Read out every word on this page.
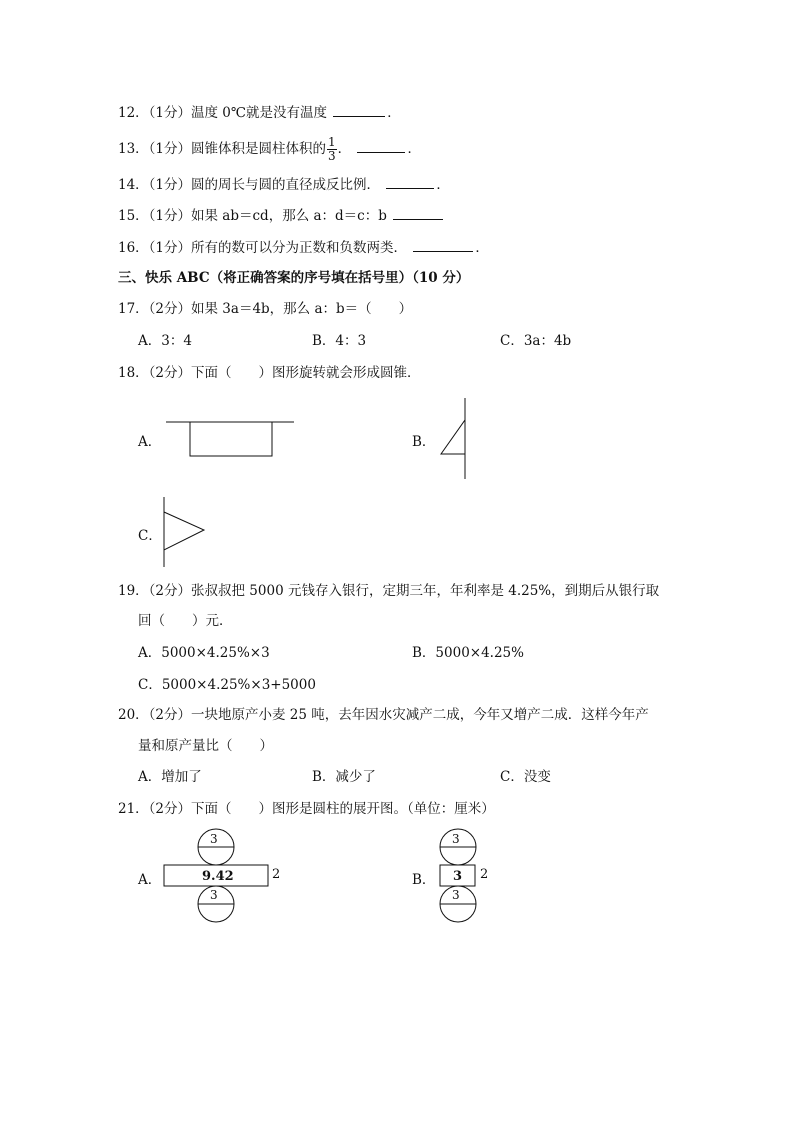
12．（1分）温度 0℃就是没有温度	．
13．（1分）圆锥体积是圆柱体积的 $\frac{1}{3}$ ．	．
14．（1分）圆的周长与圆的直径成反比例．	．
15．（1分）如果 ab＝cd，那么 a：d＝c：b
16．（1分）所有的数可以分为正数和负数两类．	．
三、快乐 ABC（将正确答案的序号填在括号里）（10 分）
17．（2分）如果 3a＝4b，那么 a：b＝（　　）
A．3：4	B．4：3	C．3a：4b
18．（2分）下面（　　）图形旋转就会形成圆锥．
A．	B．
C．
19．（2分）张叔叔把 5000 元钱存入银行，定期三年，年利率是 4.25%，到期后从银行取
回（　　）元．
A．5000×4.25%×3	B．5000×4.25%
C．5000×4.25%×3+5000
20．（2分）一块地原产小麦 25 吨，去年因水灾减产二成，今年又增产二成．这样今年产
量和原产量比（　　）
A．增加了	B．减少了	C．没变
21．（2分）下面（　　）图形是圆柱的展开图。（单位：厘米）
A．
3
9.42	2
3
B．
3
3 2
3
